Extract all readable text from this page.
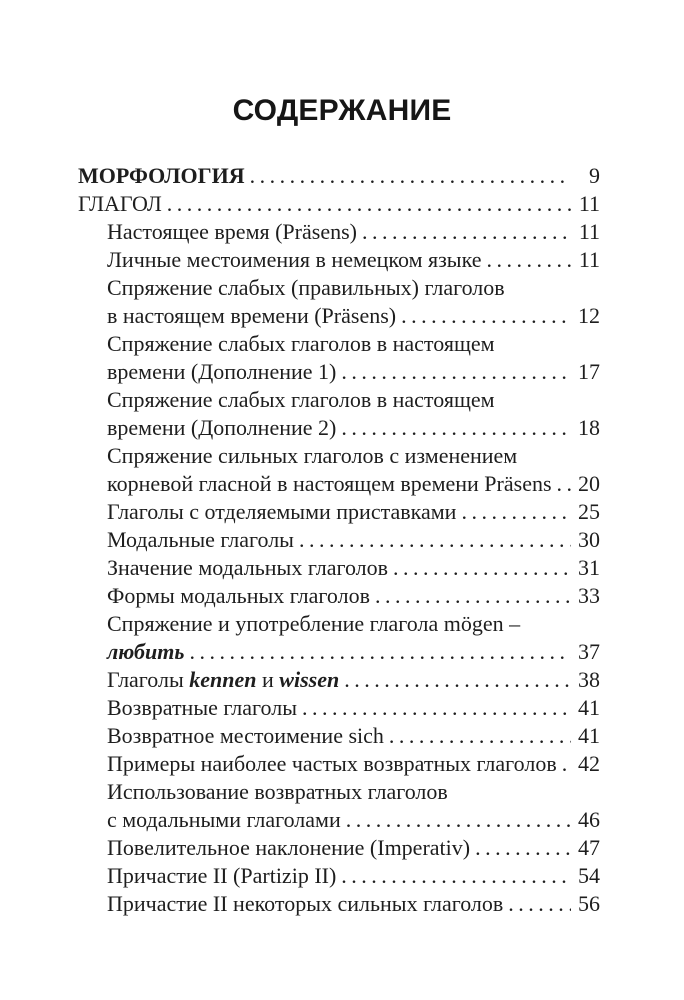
СОДЕРЖАНИЕ
МОРФОЛОГИЯ . . .	9
ГЛАГОЛ . . .	11
Настоящее время (Präsens) . . .	11
Личные местоимения в немецком языке . . .	11
Спряжение слабых (правильных) глаголов
в настоящем времени (Präsens) . . .	12
Спряжение слабых глаголов в настоящем
времени (Дополнение 1) . . .	17
Спряжение слабых глаголов в настоящем
времени (Дополнение 2) . . .	18
Спряжение сильных глаголов с изменением
корневой гласной в настоящем времени Präsens . . . 20
Глаголы с отделяемыми приставками . . .	25
Модальные глаголы . . .	30
Значение модальных глаголов . . .	31
Формы модальных глаголов . . .	33
Спряжение и употребление глагола mögen –
любить . . .	37
Глаголы kennen и wissen . . .	38
Возвратные глаголы . . .	41
Возвратное местоимение sich . . .	41
Примеры наиболее частых возвратных глаголов . . . 42
Использование возвратных глаголов
с модальными глаголами . . .	46
Повелительное наклонение (Imperativ) . . .	47
Причастие II (Partizip II) . . .	54
Причастие II некоторых сильных глаголов . . .	56
